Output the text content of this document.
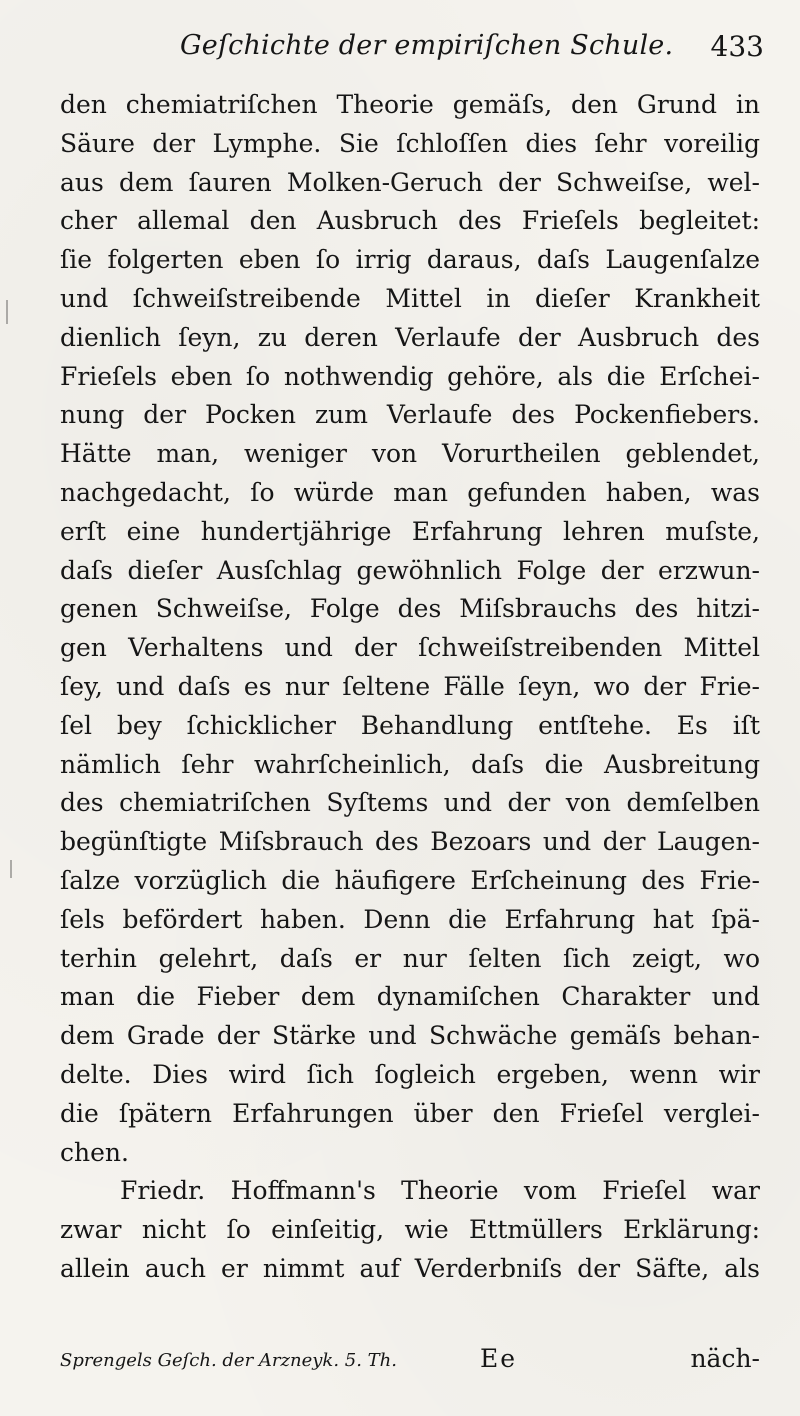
Geſchichte der empiriſchen Schule. 433
den chemiatriſchen Theorie gemäſs, den Grund in
Säure der Lymphe. Sie ſchloſſen dies ſehr voreilig
aus dem ſauren Molken-Geruch der Schweiſse, wel-
cher allemal den Ausbruch des Frieſels begleitet:
ſie folgerten eben ſo irrig daraus, daſs Laugenſalze
und ſchweiſstreibende Mittel in dieſer Krankheit
dienlich ſeyn, zu deren Verlaufe der Ausbruch des
Frieſels eben ſo nothwendig gehöre, als die Erſchei-
nung der Pocken zum Verlaufe des Pockenfiebers.
Hätte man, weniger von Vorurtheilen geblendet,
nachgedacht, ſo würde man gefunden haben, was
erſt eine hundertjährige Erfahrung lehren muſste,
daſs dieſer Ausſchlag gewöhnlich Folge der erzwun-
genen Schweiſse, Folge des Miſsbrauchs des hitzi-
gen Verhaltens und der ſchweiſstreibenden Mittel
ſey, und daſs es nur ſeltene Fälle ſeyn, wo der Frie-
ſel bey ſchicklicher Behandlung entſtehe. Es iſt
nämlich ſehr wahrſcheinlich, daſs die Ausbreitung
des chemiatriſchen Syſtems und der von demſelben
begünſtigte Miſsbrauch des Bezoars und der Laugen-
ſalze vorzüglich die häufigere Erſcheinung des Frie-
ſels befördert haben. Denn die Erfahrung hat ſpä-
terhin gelehrt, daſs er nur ſelten ſich zeigt, wo
man die Fieber dem dynamiſchen Charakter und
dem Grade der Stärke und Schwäche gemäſs behan-
delte. Dies wird ſich ſogleich ergeben, wenn wir
die ſpätern Erfahrungen über den Frieſel verglei-
chen.
Friedr. Hoffmann's Theorie vom Frieſel war
zwar nicht ſo einſeitig, wie Ettmüllers Erklärung:
allein auch er nimmt auf Verderbniſs der Säfte, als
Sprengels Geſch. der Arzneyk. 5. Th.	Ee	näch-
